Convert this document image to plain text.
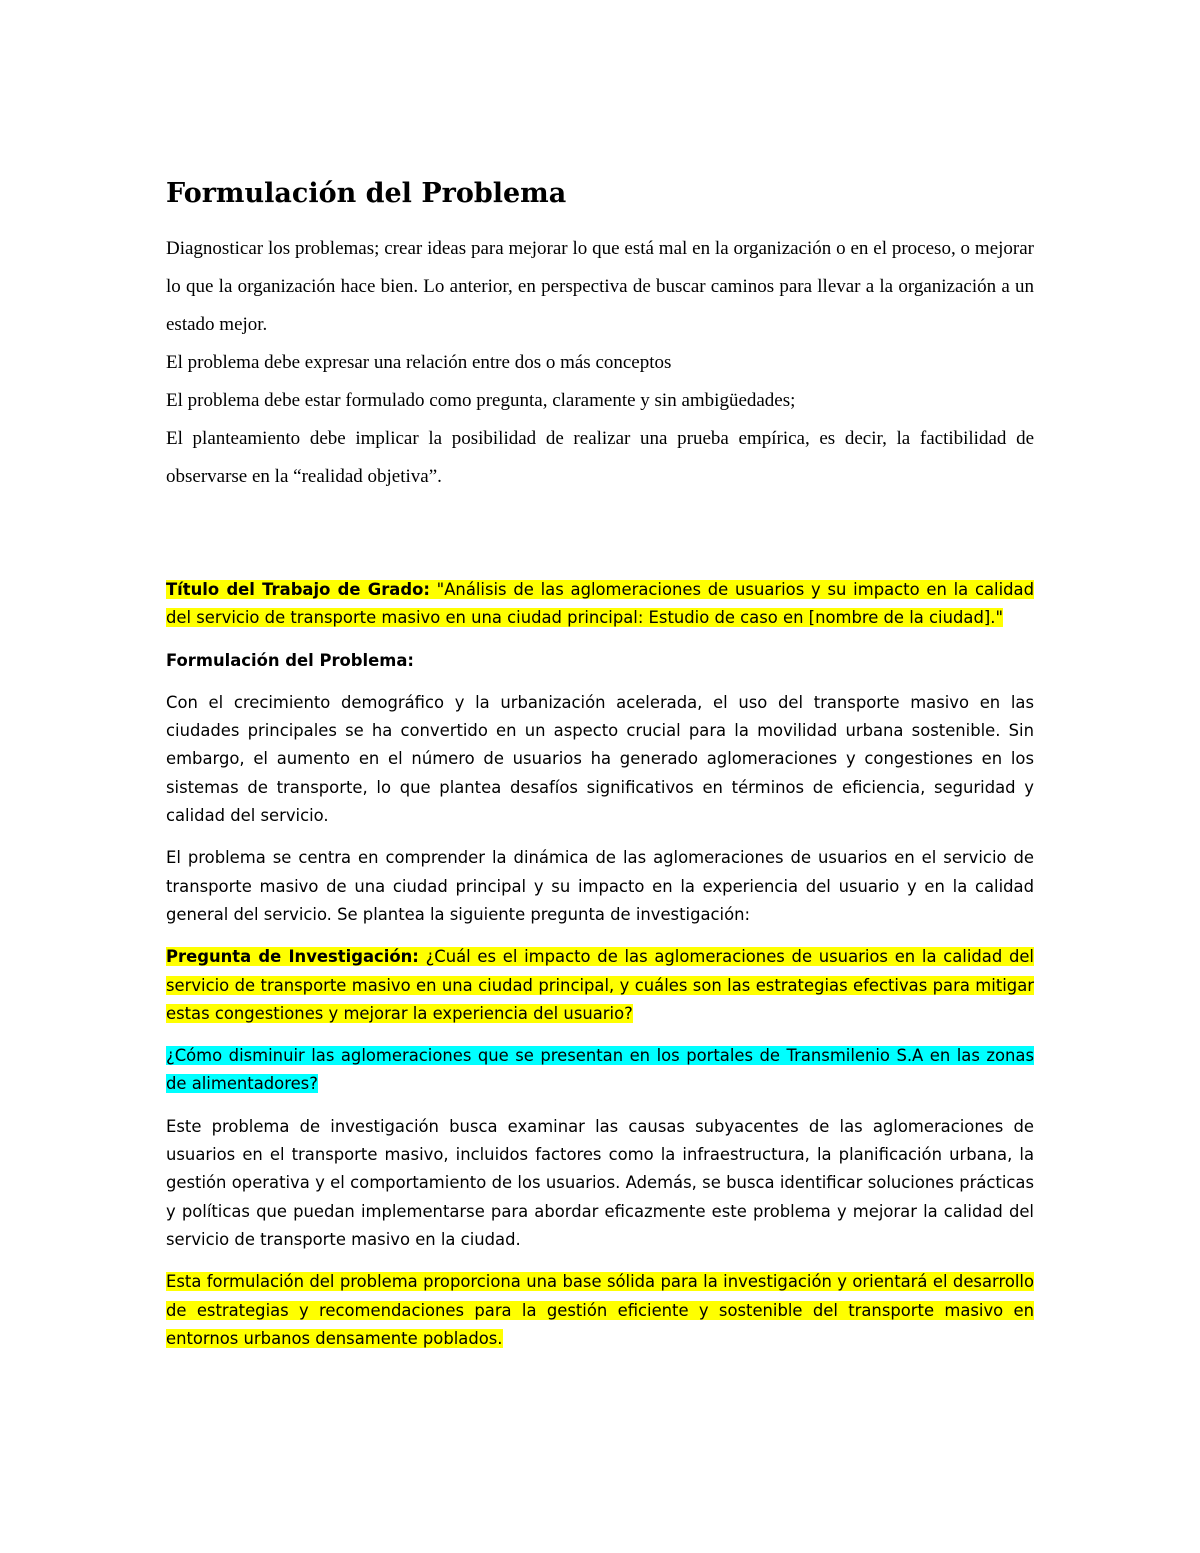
Formulación del Problema

Diagnosticar los problemas; crear ideas para mejorar lo que está mal en la organización o en el proceso, o mejorar lo que la organización hace bien. Lo anterior, en perspectiva de buscar caminos para llevar a la organización a un estado mejor.

El problema debe expresar una relación entre dos o más conceptos

El problema debe estar formulado como pregunta, claramente y sin ambigüedades;

El planteamiento debe implicar la posibilidad de realizar una prueba empírica, es decir, la factibilidad de observarse en la “realidad objetiva”.

Título del Trabajo de Grado: "Análisis de las aglomeraciones de usuarios y su impacto en la calidad del servicio de transporte masivo en una ciudad principal: Estudio de caso en [nombre de la ciudad]."

Formulación del Problema:

Con el crecimiento demográfico y la urbanización acelerada, el uso del transporte masivo en las ciudades principales se ha convertido en un aspecto crucial para la movilidad urbana sostenible. Sin embargo, el aumento en el número de usuarios ha generado aglomeraciones y congestiones en los sistemas de transporte, lo que plantea desafíos significativos en términos de eficiencia, seguridad y calidad del servicio.

El problema se centra en comprender la dinámica de las aglomeraciones de usuarios en el servicio de transporte masivo de una ciudad principal y su impacto en la experiencia del usuario y en la calidad general del servicio. Se plantea la siguiente pregunta de investigación:

Pregunta de Investigación: ¿Cuál es el impacto de las aglomeraciones de usuarios en la calidad del servicio de transporte masivo en una ciudad principal, y cuáles son las estrategias efectivas para mitigar estas congestiones y mejorar la experiencia del usuario?

¿Cómo disminuir las aglomeraciones que se presentan en los portales de Transmilenio S.A en las zonas de alimentadores?

Este problema de investigación busca examinar las causas subyacentes de las aglomeraciones de usuarios en el transporte masivo, incluidos factores como la infraestructura, la planificación urbana, la gestión operativa y el comportamiento de los usuarios. Además, se busca identificar soluciones prácticas y políticas que puedan implementarse para abordar eficazmente este problema y mejorar la calidad del servicio de transporte masivo en la ciudad.

Esta formulación del problema proporciona una base sólida para la investigación y orientará el desarrollo de estrategias y recomendaciones para la gestión eficiente y sostenible del transporte masivo en entornos urbanos densamente poblados.
